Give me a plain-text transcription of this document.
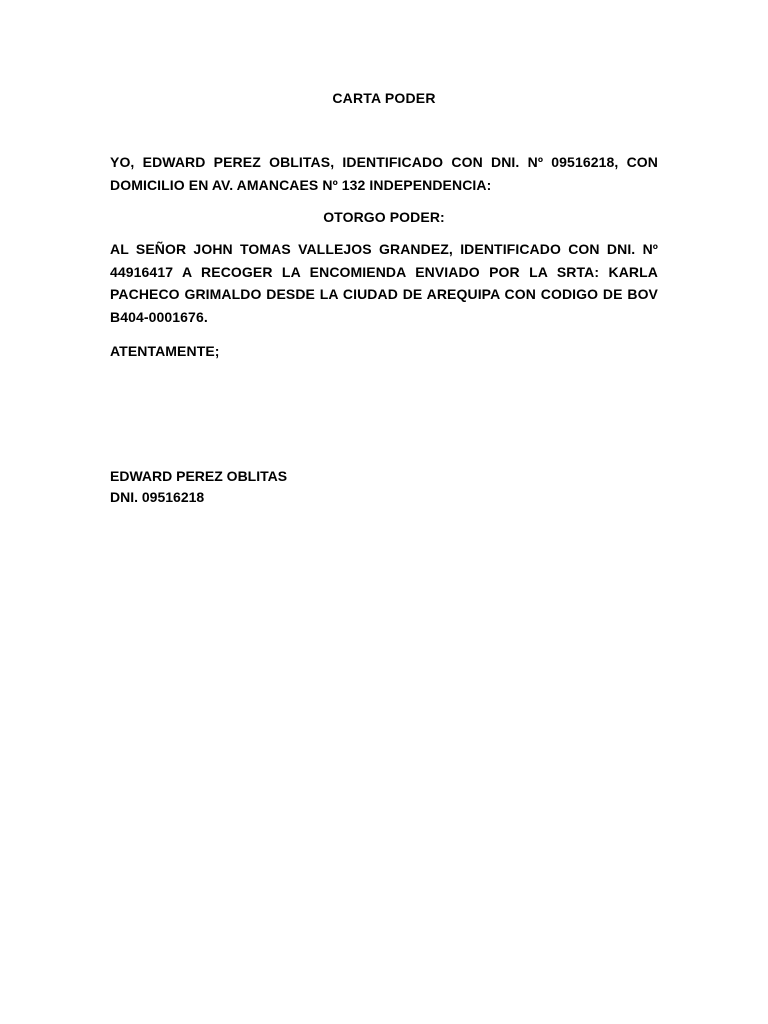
CARTA PODER
YO, EDWARD PEREZ OBLITAS, IDENTIFICADO CON DNI. Nº 09516218, CON DOMICILIO EN AV. AMANCAES Nº 132 INDEPENDENCIA:
OTORGO PODER:
AL SEÑOR JOHN TOMAS VALLEJOS GRANDEZ, IDENTIFICADO CON DNI. Nº 44916417 A RECOGER LA ENCOMIENDA ENVIADO POR LA SRTA: KARLA PACHECO GRIMALDO DESDE LA CIUDAD DE AREQUIPA CON CODIGO DE BOV B404-0001676.
ATENTAMENTE;
EDWARD PEREZ OBLITAS
DNI. 09516218
